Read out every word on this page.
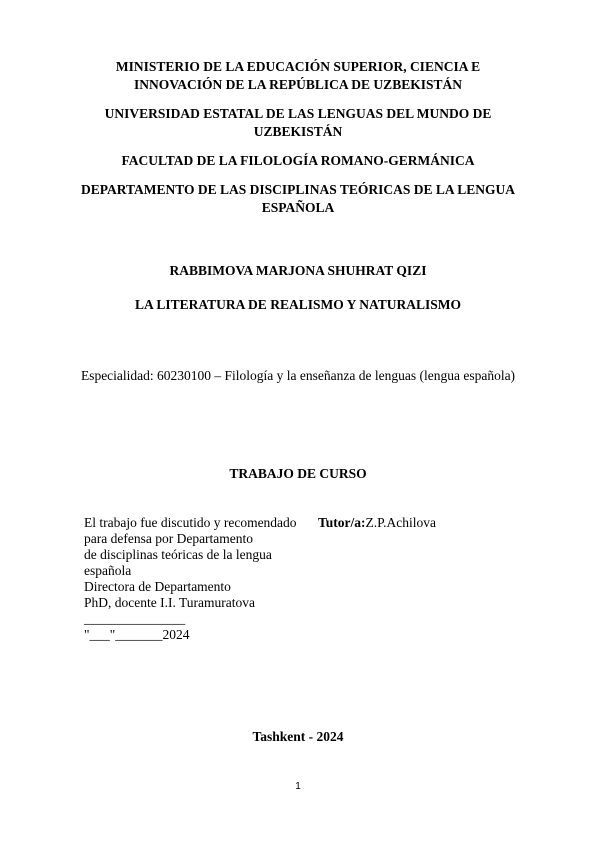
MINISTERIO DE LA EDUCACIÓN SUPERIOR, CIENCIA E INNOVACIÓN DE LA REPÚBLICA DE UZBEKISTÁN
UNIVERSIDAD ESTATAL DE LAS LENGUAS DEL MUNDO DE UZBEKISTÁN
FACULTAD DE LA FILOLOGÍA ROMANO-GERMÁNICA
DEPARTAMENTO DE LAS DISCIPLINAS TEÓRICAS DE LA LENGUA ESPAÑOLA
RABBIMOVA MARJONA SHUHRAT QIZI
LA LITERATURA DE REALISMO Y NATURALISMO
Especialidad: 60230100 – Filología y la enseñanza de lenguas (lengua española)
TRABAJO DE CURSO
El trabajo fue discutido y recomendado
para defensa por Departamento
de disciplinas teóricas de la lengua
española
Directora de Departamento
PhD, docente I.I. Turamuratova
_______________
"___"_______2024
Tutor/a:Z.P.Achilova
Tashkent - 2024
1
